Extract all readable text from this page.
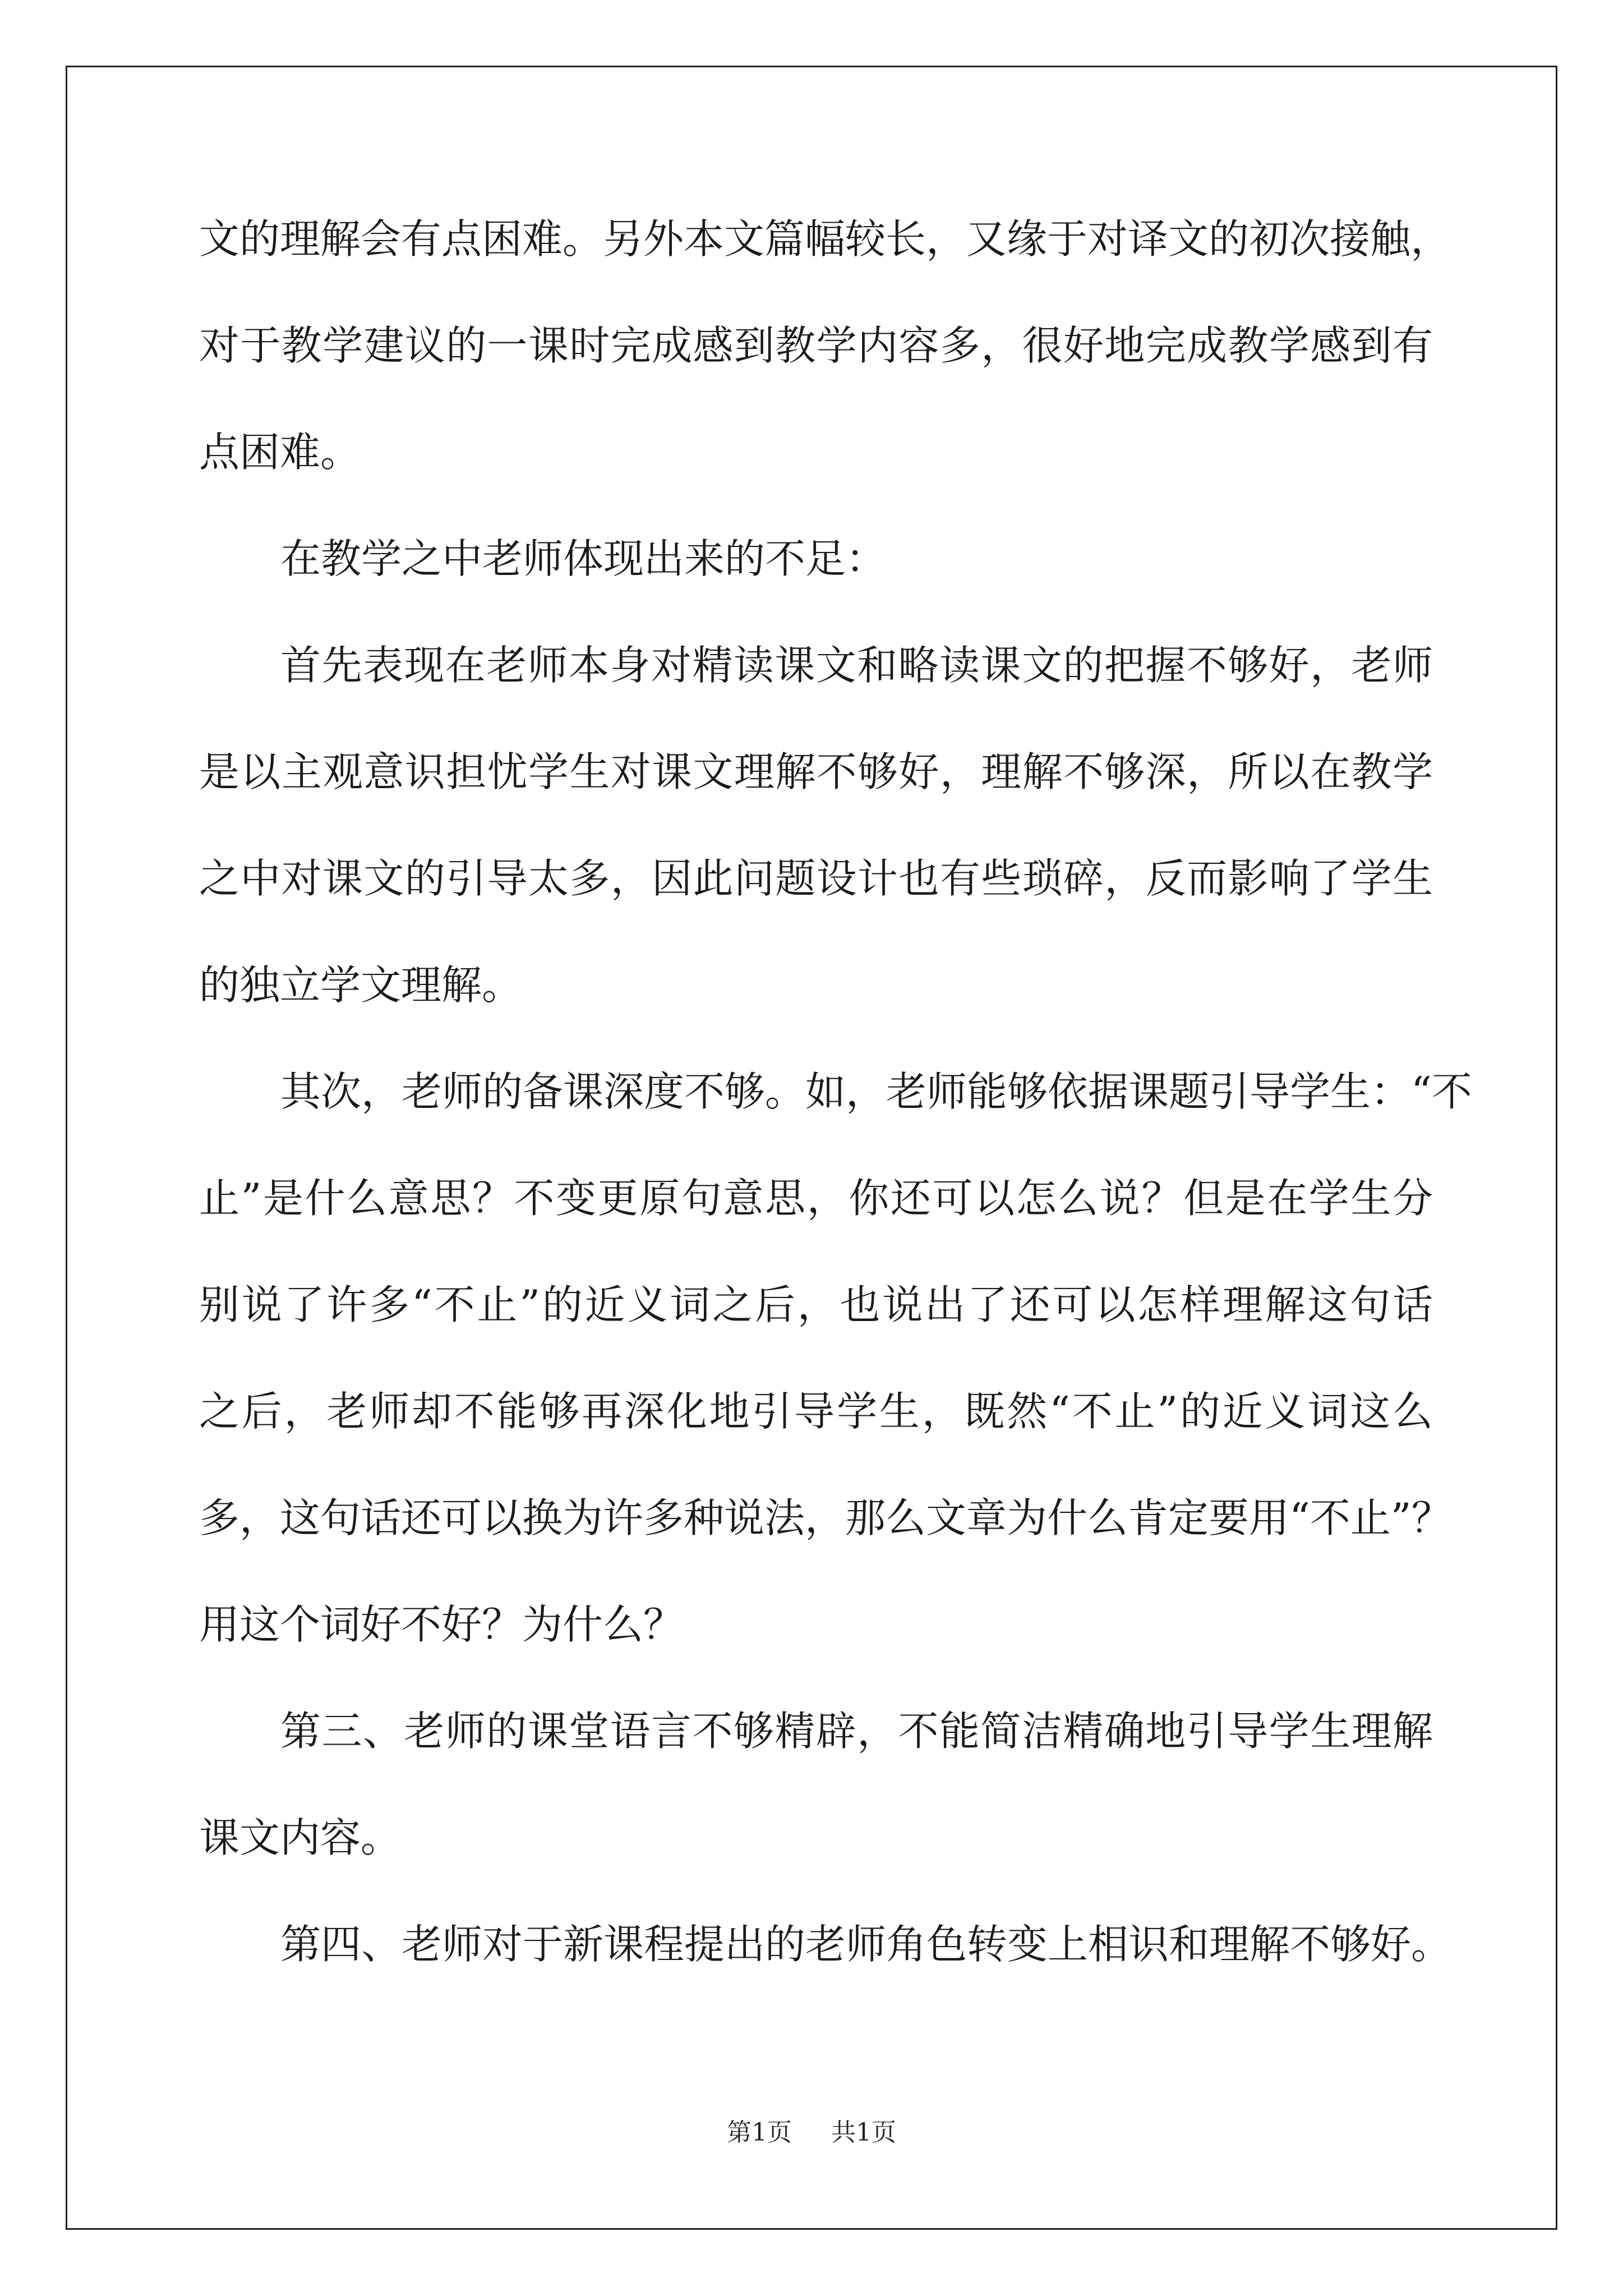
文的理解会有点困难。另外本文篇幅较长，又缘于对译文的初次接触，
对于教学建议的一课时完成感到教学内容多，很好地完成教学感到有
点困难。
在教学之中老师体现出来的不足：
首先表现在老师本身对精读课文和略读课文的把握不够好，老师
是以主观意识担忧学生对课文理解不够好，理解不够深，所以在教学
之中对课文的引导太多，因此问题设计也有些琐碎，反而影响了学生
的独立学文理解。
其次，老师的备课深度不够。如，老师能够依据课题引导学生：“不
止”是什么意思？不变更原句意思，你还可以怎么说？但是在学生分
别说了许多“不止”的近义词之后，也说出了还可以怎样理解这句话
之后，老师却不能够再深化地引导学生，既然“不止”的近义词这么
多，这句话还可以换为许多种说法，那么文章为什么肯定要用“不止”？
用这个词好不好？为什么？
第三、老师的课堂语言不够精辟，不能简洁精确地引导学生理解
课文内容。
第四、老师对于新课程提出的老师角色转变上相识和理解不够好。
第1页 共1页
